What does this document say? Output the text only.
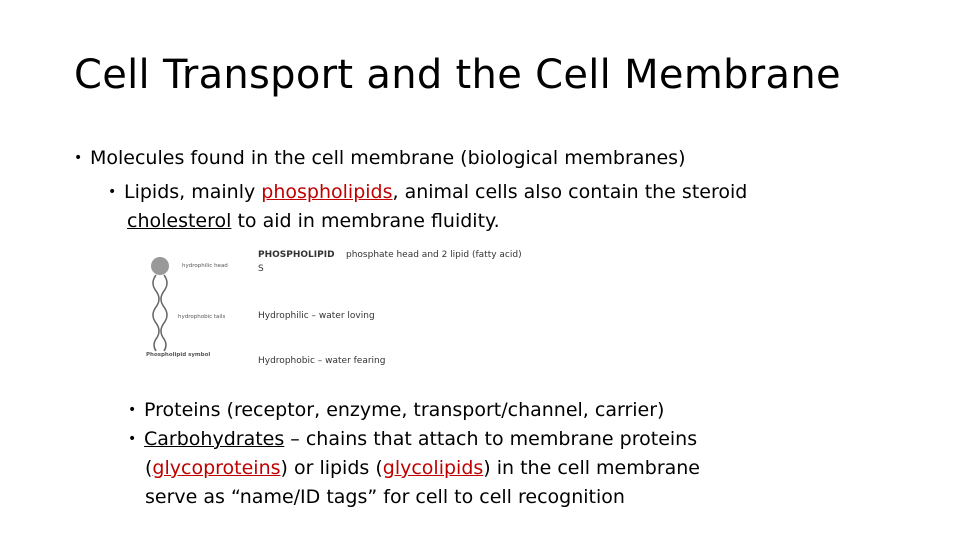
Cell Transport and the Cell Membrane
• Molecules found in the cell membrane (biological membranes)
• Lipids, mainly phospholipids, animal cells also contain the steroid
cholesterol to aid in membrane fluidity.
hydrophilic head
hydrophobic tails
Phospholipid symbol
PHOSPHOLIPID
S
phosphate head and 2 lipid (fatty acid)
Hydrophilic – water loving
Hydrophobic – water fearing
• Proteins (receptor, enzyme, transport/channel, carrier)
• Carbohydrates – chains that attach to membrane proteins
(glycoproteins) or lipids (glycolipids) in the cell membrane
serve as “name/ID tags” for cell to cell recognition
